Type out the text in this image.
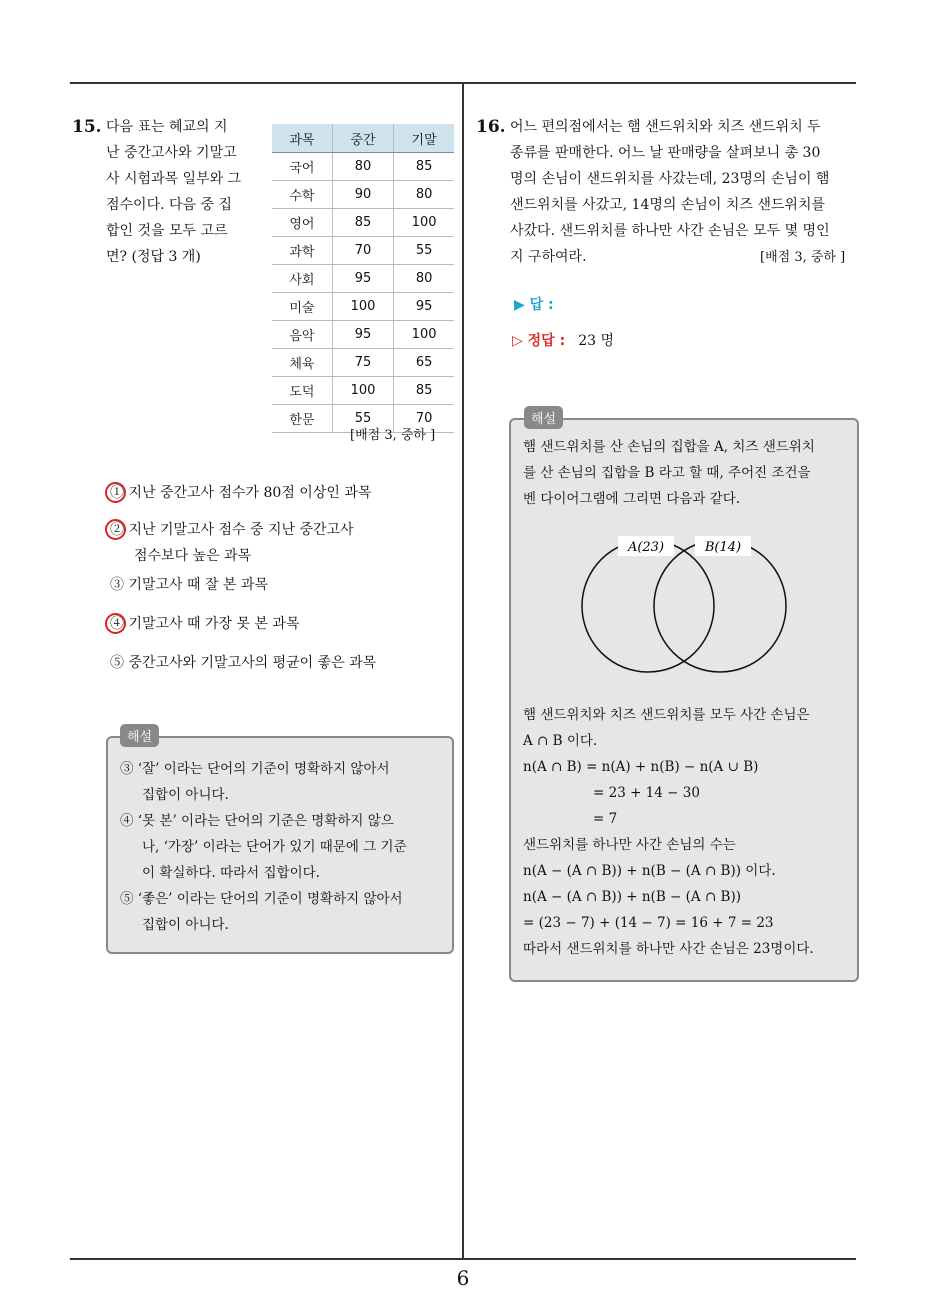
6
15. 다음 표는 혜교의 지
난 중간고사와 기말고
사 시험과목 일부와 그
점수이다. 다음 중 집
합인 것을 모두 고르
면? (정답 3 개)
과목	중간	기말
국어	80	85
수학	90	80
영어	85	100
과학	70	55
사회	95	80
미술	100	95
음악	95	100
체육	75	65
도덕	100	85
한문	55	70
[배점 3, 중하 ]
① 지난 중간고사 점수가 80점 이상인 과목
② 지난 기말고사 점수 중 지난 중간고사
점수보다 높은 과목
③ 기말고사 때 잘 본 과목
④ 기말고사 때 가장 못 본 과목
⑤ 중간고사와 기말고사의 평균이 좋은 과목
③ ‘잘’ 이라는 단어의 기준이 명확하지 않아서
집합이 아니다.
④ ‘못 본’ 이라는 단어의 기준은 명확하지 않으
나, ‘가장’ 이라는 단어가 있기 때문에 그 기준
이 확실하다. 따라서 집합이다.
⑤ ‘좋은’ 이라는 단어의 기준이 명확하지 않아서
집합이 아니다.
해설
16. 어느 편의점에서는 햄 샌드위치와 치즈 샌드위치 두
종류를 판매한다. 어느 날 판매량을 살펴보니 총 30
명의 손님이 샌드위치를 사갔는데, 23명의 손님이 햄
샌드위치를 사갔고, 14명의 손님이 치즈 샌드위치를
사갔다. 샌드위치를 하나만 사간 손님은 모두 몇 명인
지 구하여라.	[배점 3, 중하 ]
▶ 답 :
▷ 정답 : 23 명
햄 샌드위치를 산 손님의 집합을 A, 치즈 샌드위치
를 산 손님의 집합을 B 라고 할 때, 주어진 조건을
벤 다이어그램에 그리면 다음과 같다.
A(23)	B(14)
햄 샌드위치와 치즈 샌드위치를 모두 사간 손님은
A ∩ B 이다.
n(A ∩ B) = n(A) + n(B) − n(A ∪ B)
= 23 + 14 − 30
= 7
샌드위치를 하나만 사간 손님의 수는
n(A − (A ∩ B)) + n(B − (A ∩ B)) 이다.
n(A − (A ∩ B)) + n(B − (A ∩ B))
= (23 − 7) + (14 − 7) = 16 + 7 = 23
따라서 샌드위치를 하나만 사간 손님은 23명이다.
해설
